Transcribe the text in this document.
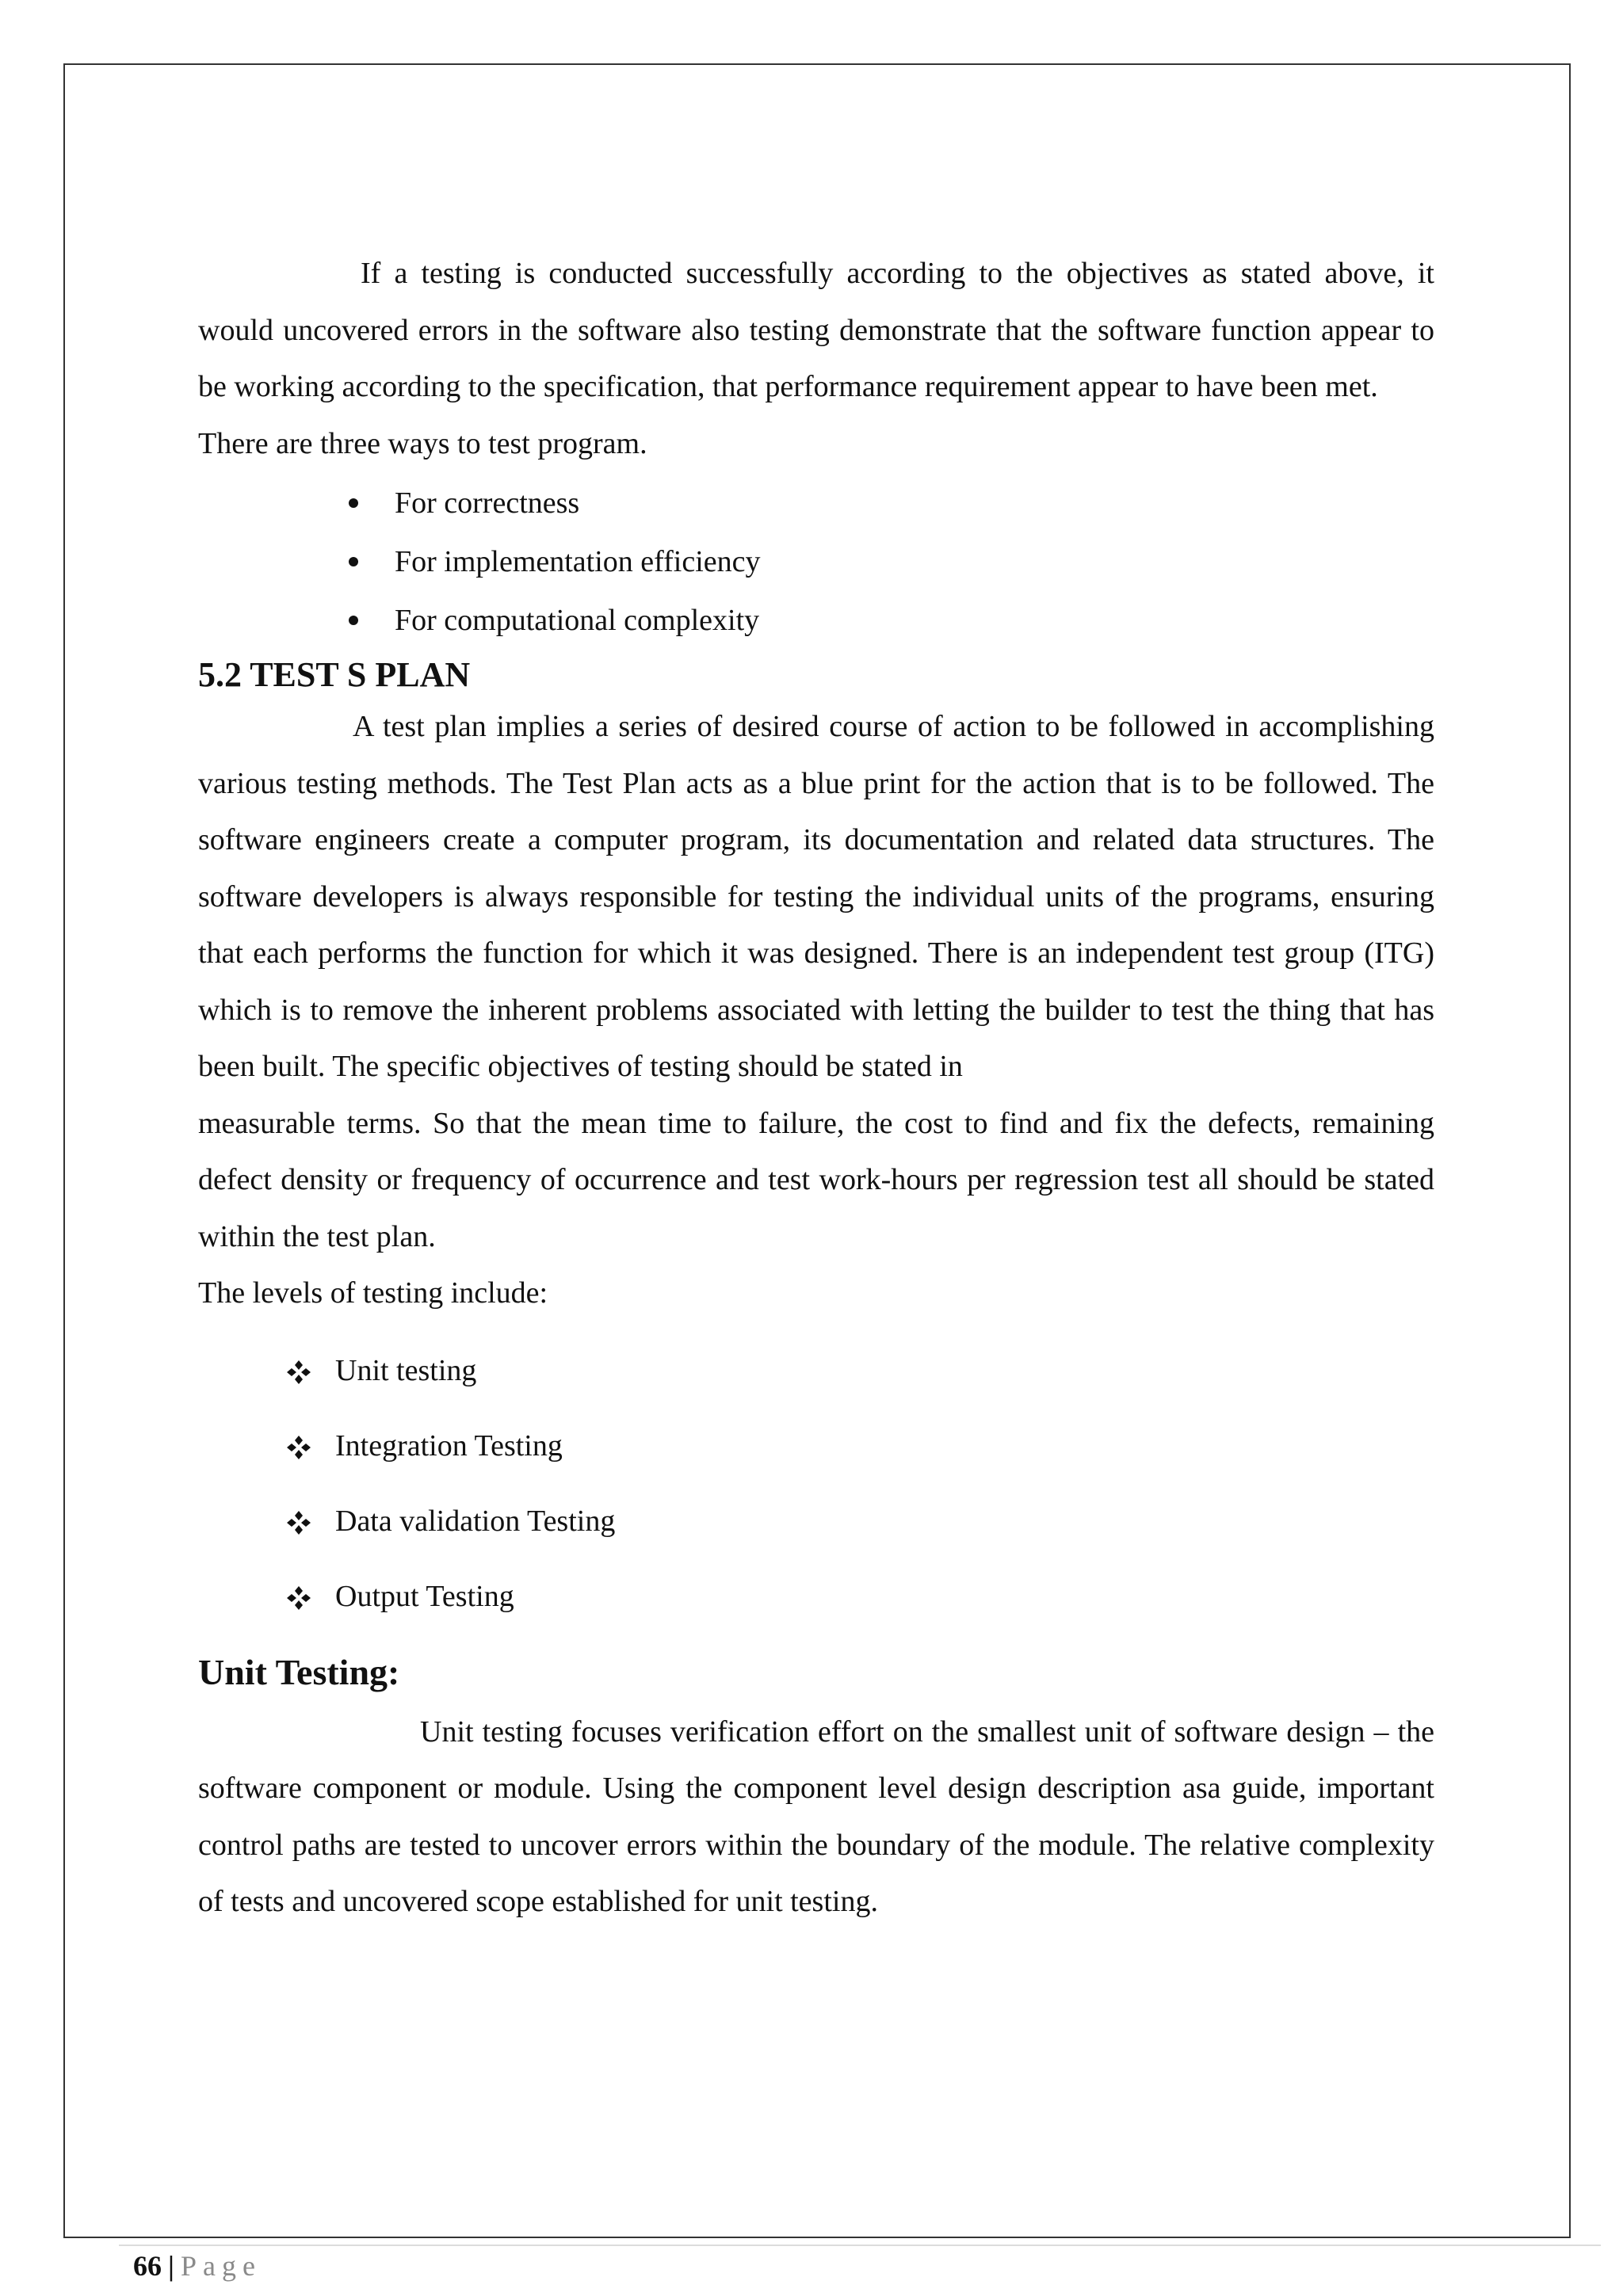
If a testing is conducted successfully according to the objectives as stated above, it would uncovered errors in the software also testing demonstrate that the software function appear to be working according to the specification, that performance requirement appear to have been met.

There are three ways to test program.

For correctness
For implementation efficiency
For computational complexity
5.2 TEST S PLAN

A test plan implies a series of desired course of action to be followed in accomplishing various testing methods. The Test Plan acts as a blue print for the action that is to be followed. The software engineers create a computer program, its documentation and related data structures. The software developers is always responsible for testing the individual units of the programs, ensuring that each performs the function for which it was designed. There is an independent test group (ITG) which is to remove the inherent problems associated with letting the builder to test the thing that has been built. The specific objectives of testing should be stated in

measurable terms. So that the mean time to failure, the cost to find and fix the defects, remaining defect density or frequency of occurrence and test work-hours per regression test all should be stated within the test plan.

The levels of testing include:

Unit testing
Integration Testing
Data validation Testing
Output Testing
Unit Testing:

Unit testing focuses verification effort on the smallest unit of software design – the software component or module. Using the component level design description asa guide, important control paths are tested to uncover errors within the boundary of the module. The relative complexity of tests and uncovered scope established for unit testing.

66 | Page
